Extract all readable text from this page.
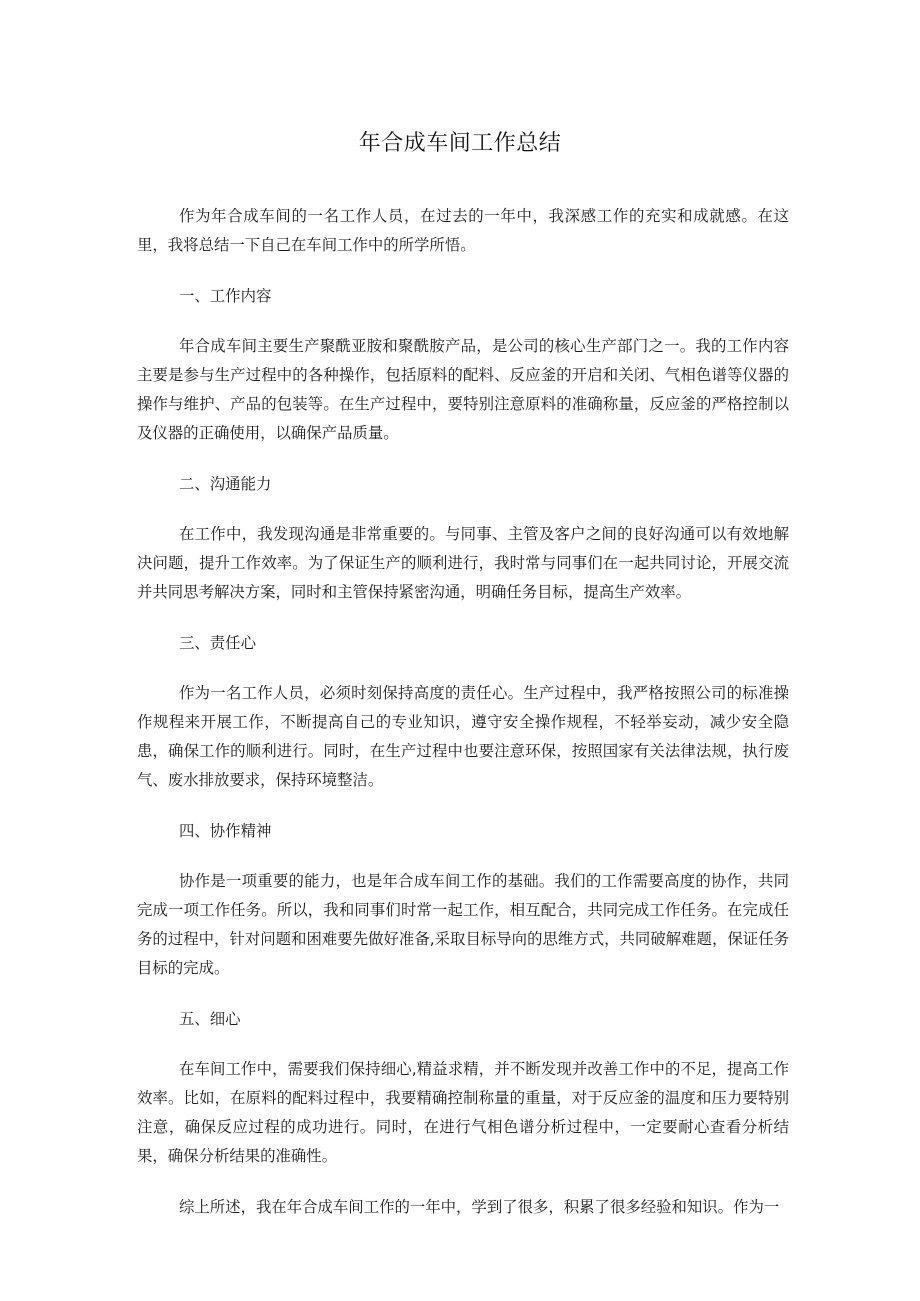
年合成车间工作总结

作为年合成车间的一名工作人员，在过去的一年中，我深感工作的充实和成就感。在这里，我将总结一下自己在车间工作中的所学所悟。

一、工作内容

年合成车间主要生产聚酰亚胺和聚酰胺产品，是公司的核心生产部门之一。我的工作内容主要是参与生产过程中的各种操作，包括原料的配料、反应釜的开启和关闭、气相色谱等仪器的操作与维护、产品的包装等。在生产过程中，要特别注意原料的准确称量，反应釜的严格控制以及仪器的正确使用，以确保产品质量。

二、沟通能力

在工作中，我发现沟通是非常重要的。与同事、主管及客户之间的良好沟通可以有效地解决问题，提升工作效率。为了保证生产的顺利进行，我时常与同事们在一起共同讨论，开展交流并共同思考解决方案，同时和主管保持紧密沟通，明确任务目标，提高生产效率。

三、责任心

作为一名工作人员，必须时刻保持高度的责任心。生产过程中，我严格按照公司的标准操作规程来开展工作，不断提高自己的专业知识，遵守安全操作规程，不轻举妄动，减少安全隐患，确保工作的顺利进行。同时，在生产过程中也要注意环保，按照国家有关法律法规，执行废气、废水排放要求，保持环境整洁。

四、协作精神

协作是一项重要的能力，也是年合成车间工作的基础。我们的工作需要高度的协作，共同完成一项工作任务。所以，我和同事们时常一起工作，相互配合，共同完成工作任务。在完成任务的过程中，针对问题和困难要先做好准备,采取目标导向的思维方式，共同破解难题，保证任务目标的完成。

五、细心

在车间工作中，需要我们保持细心,精益求精，并不断发现并改善工作中的不足，提高工作效率。比如，在原料的配料过程中，我要精确控制称量的重量，对于反应釜的温度和压力要特别注意，确保反应过程的成功进行。同时，在进行气相色谱分析过程中，一定要耐心查看分析结果，确保分析结果的准确性。

综上所述，我在年合成车间工作的一年中，学到了很多，积累了很多经验和知识。作为一
